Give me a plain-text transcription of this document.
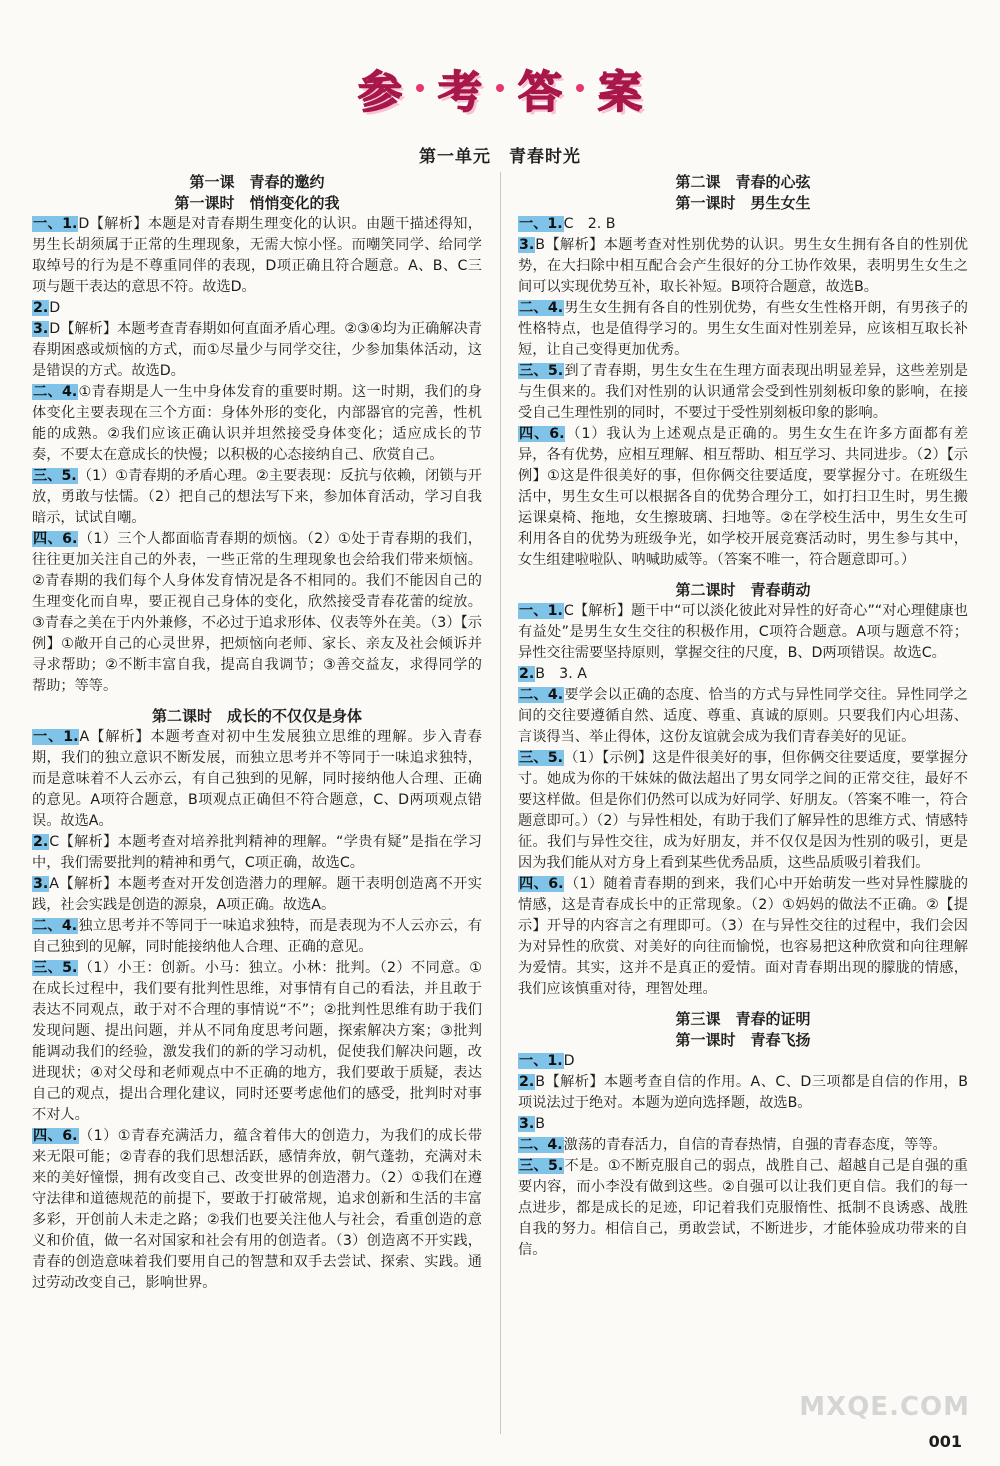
参 考 答 案
第一单元　青春时光
第一课　青春的邀约
第一课时　悄悄变化的我

一、1.D【解析】本题是对青春期生理变化的认识。由题干描述得知，男生长胡须属于正常的生理现象，无需大惊小怪。而嘲笑同学、给同学取绰号的行为是不尊重同伴的表现，D项正确且符合题意。A、B、C三项与题干表达的意思不符。故选D。

2.D

3.D【解析】本题考查青春期如何直面矛盾心理。②③④均为正确解决青春期困惑或烦恼的方式，而①尽量少与同学交往，少参加集体活动，这是错误的方式。故选D。

二、4.①青春期是人一生中身体发育的重要时期。这一时期，我们的身体变化主要表现在三个方面：身体外形的变化，内部器官的完善，性机能的成熟。②我们应该正确认识并坦然接受身体变化；适应成长的节奏，不要太在意成长的快慢；以积极的心态接纳自己、欣赏自己。

三、5.（1）①青春期的矛盾心理。②主要表现：反抗与依赖，闭锁与开放，勇敢与怯懦。（2）把自己的想法写下来，参加体育活动，学习自我暗示，试试自嘲。

四、6.（1）三个人都面临青春期的烦恼。（2）①处于青春期的我们，往往更加关注自己的外表，一些正常的生理现象也会给我们带来烦恼。②青春期的我们每个人身体发育情况是各不相同的。我们不能因自己的生理变化而自卑，要正视自己身体的变化，欣然接受青春花蕾的绽放。③青春之美在于内外兼修，不必过于追求形体、仪表等外在美。（3）【示例】①敞开自己的心灵世界，把烦恼向老师、家长、亲友及社会倾诉并寻求帮助；②不断丰富自我，提高自我调节；③善交益友，求得同学的帮助；等等。

第二课时　成长的不仅仅是身体

一、1.A【解析】本题考查对初中生发展独立思维的理解。步入青春期，我们的独立意识不断发展，而独立思考并不等同于一味追求独特，而是意味着不人云亦云，有自己独到的见解，同时接纳他人合理、正确的意见。A项符合题意，B项观点正确但不符合题意，C、D两项观点错误。故选A。

2.C【解析】本题考查对培养批判精神的理解。“学贵有疑”是指在学习中，我们需要批判的精神和勇气，C项正确，故选C。

3.A【解析】本题考查对开发创造潜力的理解。题干表明创造离不开实践，社会实践是创造的源泉，A项正确。故选A。

二、4.独立思考并不等同于一味追求独特，而是表现为不人云亦云，有自己独到的见解，同时能接纳他人合理、正确的意见。

三、5.（1）小王：创新。小马：独立。小林：批判。（2）不同意。①在成长过程中，我们要有批判性思维，对事情有自己的看法，并且敢于表达不同观点，敢于对不合理的事情说“不”；②批判性思维有助于我们发现问题、提出问题，并从不同角度思考问题，探索解决方案；③批判能调动我们的经验，激发我们的新的学习动机，促使我们解决问题，改进现状；④对父母和老师观点中不正确的地方，我们要敢于质疑，表达自己的观点，提出合理化建议，同时还要考虑他们的感受，批判时对事不对人。

四、6.（1）①青春充满活力，蕴含着伟大的创造力，为我们的成长带来无限可能；②青春的我们思想活跃，感情奔放，朝气蓬勃，充满对未来的美好憧憬，拥有改变自己、改变世界的创造潜力。（2）①我们在遵守法律和道德规范的前提下，要敢于打破常规，追求创新和生活的丰富多彩，开创前人未走之路；②我们也要关注他人与社会，看重创造的意义和价值，做一名对国家和社会有用的创造者。（3）创造离不开实践，青春的创造意味着我们要用自己的智慧和双手去尝试、探索、实践。通过劳动改变自己，影响世界。

第二课　青春的心弦
第一课时　男生女生

一、1.C　2. B

3.B【解析】本题考查对性别优势的认识。男生女生拥有各自的性别优势，在大扫除中相互配合会产生很好的分工协作效果，表明男生女生之间可以实现优势互补，取长补短。B项符合题意，故选B。

二、4.男生女生拥有各自的性别优势，有些女生性格开朗，有男孩子的性格特点，也是值得学习的。男生女生面对性别差异，应该相互取长补短，让自己变得更加优秀。

三、5.到了青春期，男生女生在生理方面表现出明显差异，这些差别是与生俱来的。我们对性别的认识通常会受到性别刻板印象的影响，在接受自己生理性别的同时，不要过于受性别刻板印象的影响。

四、6.（1）我认为上述观点是正确的。男生女生在许多方面都有差异，各有优势，应相互理解、相互帮助、相互学习、共同进步。（2）【示例】①这是件很美好的事，但你俩交往要适度，要掌握分寸。在班级生活中，男生女生可以根据各自的优势合理分工，如打扫卫生时，男生搬运课桌椅、拖地，女生擦玻璃、扫地等。②在学校生活中，男生女生可利用各自的优势为班级争光，如学校开展竞赛活动时，男生参与其中，女生组建啦啦队、呐喊助威等。（答案不唯一，符合题意即可。）

第二课时　青春萌动

一、1.C【解析】题干中“可以淡化彼此对异性的好奇心”“对心理健康也有益处”是男生女生交往的积极作用，C项符合题意。A项与题意不符；异性交往需要坚持原则，掌握交往的尺度，B、D两项错误。故选C。

2.B　3. A

二、4.要学会以正确的态度、恰当的方式与异性同学交往。异性同学之间的交往要遵循自然、适度、尊重、真诚的原则。只要我们内心坦荡、言谈得当、举止得体，这份友谊就会成为我们青春美好的见证。

三、5.（1）【示例】这是件很美好的事，但你俩交往要适度，要掌握分寸。她成为你的干妹妹的做法超出了男女同学之间的正常交往，最好不要这样做。但是你们仍然可以成为好同学、好朋友。（答案不唯一，符合题意即可。）（2）与异性相处，有助于我们了解异性的思维方式、情感特征。我们与异性交往，成为好朋友，并不仅仅是因为性别的吸引，更是因为我们能从对方身上看到某些优秀品质，这些品质吸引着我们。

四、6.（1）随着青春期的到来，我们心中开始萌发一些对异性朦胧的情感，这是青春成长中的正常现象。（2）①妈妈的做法不正确。②【提示】开导的内容言之有理即可。（3）在与异性交往的过程中，我们会因为对异性的欣赏、对美好的向往而愉悦，也容易把这种欣赏和向往理解为爱情。其实，这并不是真正的爱情。面对青春期出现的朦胧的情感，我们应该慎重对待，理智处理。

第三课　青春的证明
第一课时　青春飞扬

一、1.D

2.B【解析】本题考查自信的作用。A、C、D三项都是自信的作用，B项说法过于绝对。本题为逆向选择题，故选B。

3.B

二、4.激荡的青春活力，自信的青春热情，自强的青春态度，等等。

三、5.不是。①不断克服自己的弱点，战胜自己、超越自己是自强的重要内容，而小李没有做到这些。②自强可以让我们更自信。我们的每一点进步，都是成长的足迹，印记着我们克服惰性、抵制不良诱惑、战胜自我的努力。相信自己，勇敢尝试，不断进步，才能体验成功带来的自信。

MXQE.COM
001
